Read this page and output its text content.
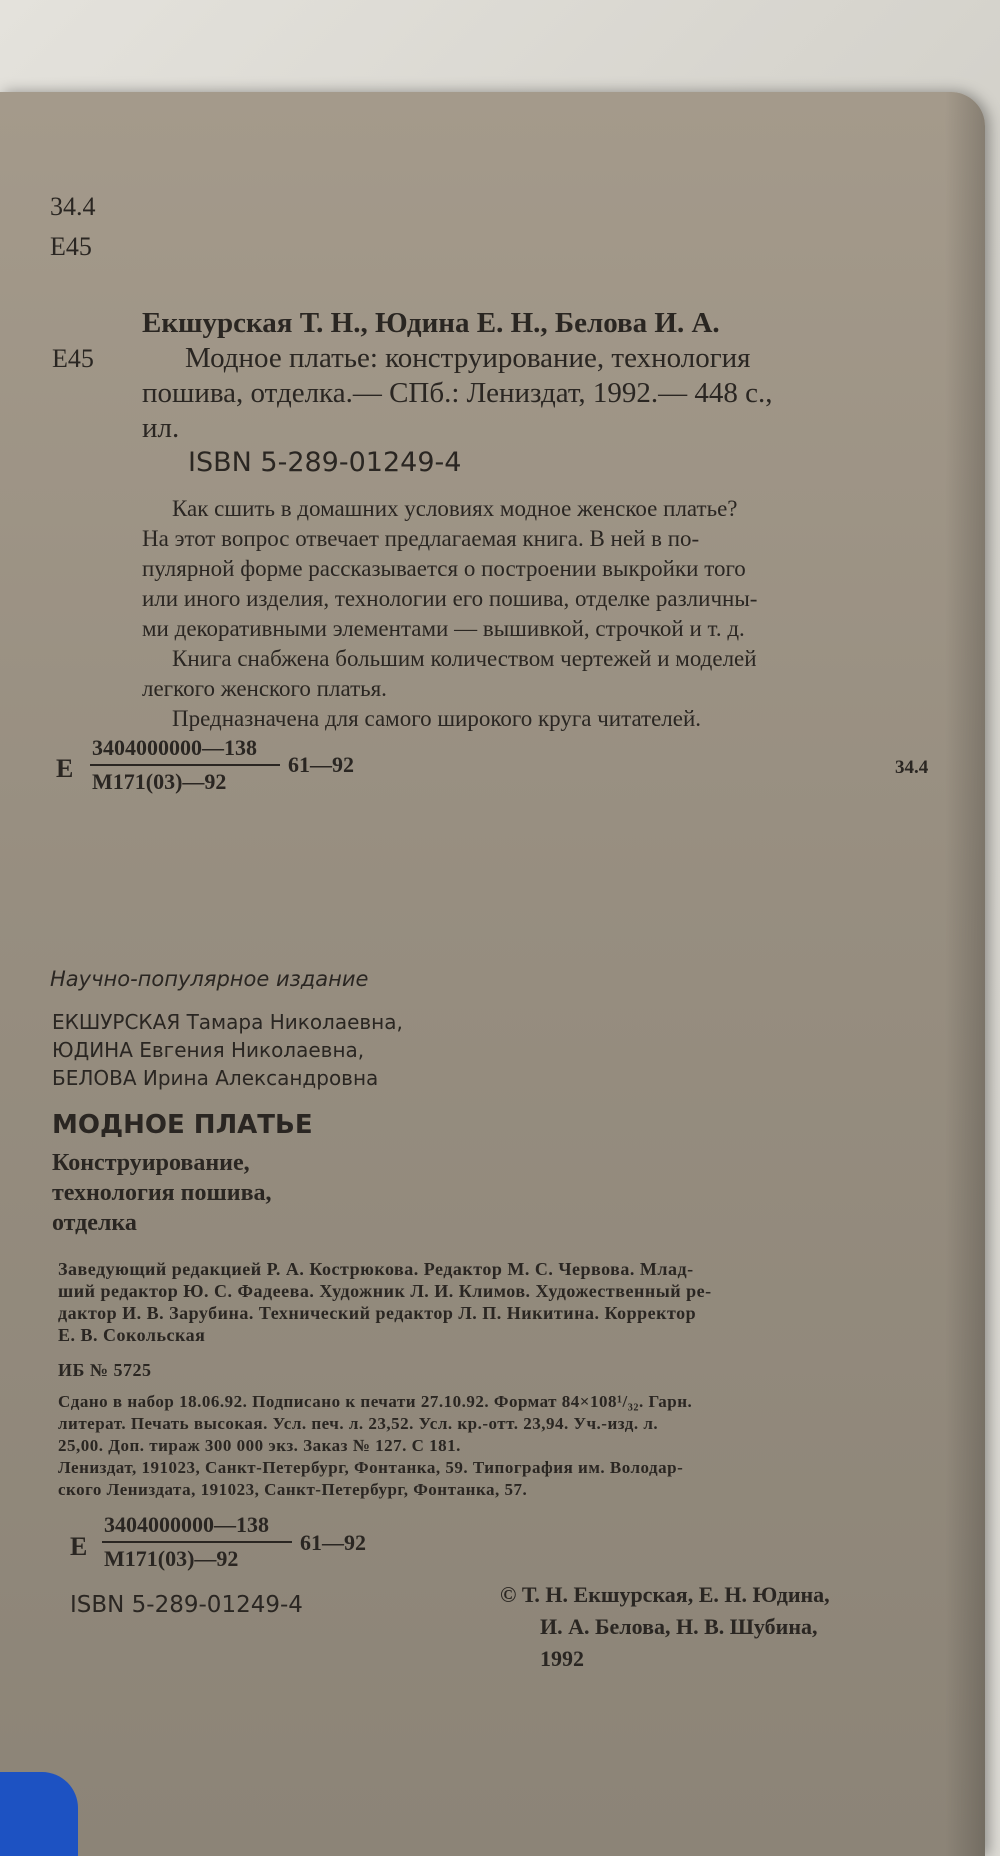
34.4
Е45
Екшурская Т. Н., Юдина Е. Н., Белова И. А.
Е45	Модное платье: конструирование, технология
пошива, отделка.— СПб.: Лениздат, 1992.— 448 с.,
ил.
ISBN 5-289-01249-4
Как сшить в домашних условиях модное женское платье?
На этот вопрос отвечает предлагаемая книга. В ней в по-
пулярной форме рассказывается о построении выкройки того
или иного изделия, технологии его пошива, отделке различны-
ми декоративными элементами — вышивкой, строчкой и т. д.
Книга снабжена большим количеством чертежей и моделей
легкого женского платья.
Предназначена для самого широкого круга читателей.
Е
3404000000—138
М171(03)—92
61—92	34.4
Научно-популярное издание
ЕКШУРСКАЯ Тамара Николаевна,
ЮДИНА Евгения Николаевна,
БЕЛОВА Ирина Александровна
МОДНОЕ ПЛАТЬЕ
Конструирование,
технология пошива,
отделка
Заведующий редакцией Р. А. Кострюкова. Редактор М. С. Червова. Млад-
ший редактор Ю. С. Фадеева. Художник Л. И. Климов. Художественный ре-
дактор И. В. Зарубина. Технический редактор Л. П. Никитина. Корректор
Е. В. Сокольская
ИБ № 5725
Сдано в набор 18.06.92. Подписано к печати 27.10.92. Формат 84×108¹/₃₂. Гарн.
литерат. Печать высокая. Усл. печ. л. 23,52. Усл. кр.-отт. 23,94. Уч.-изд. л.
25,00. Доп. тираж 300 000 экз. Заказ № 127. С 181.
Лениздат, 191023, Санкт-Петербург, Фонтанка, 59. Типография им. Володар-
ского Лениздата, 191023, Санкт-Петербург, Фонтанка, 57.
Е
3404000000—138
М171(03)—92
61—92
ISBN 5-289-01249-4	© Т. Н. Екшурская, Е. Н. Юдина,
И. А. Белова, Н. В. Шубина,
1992
